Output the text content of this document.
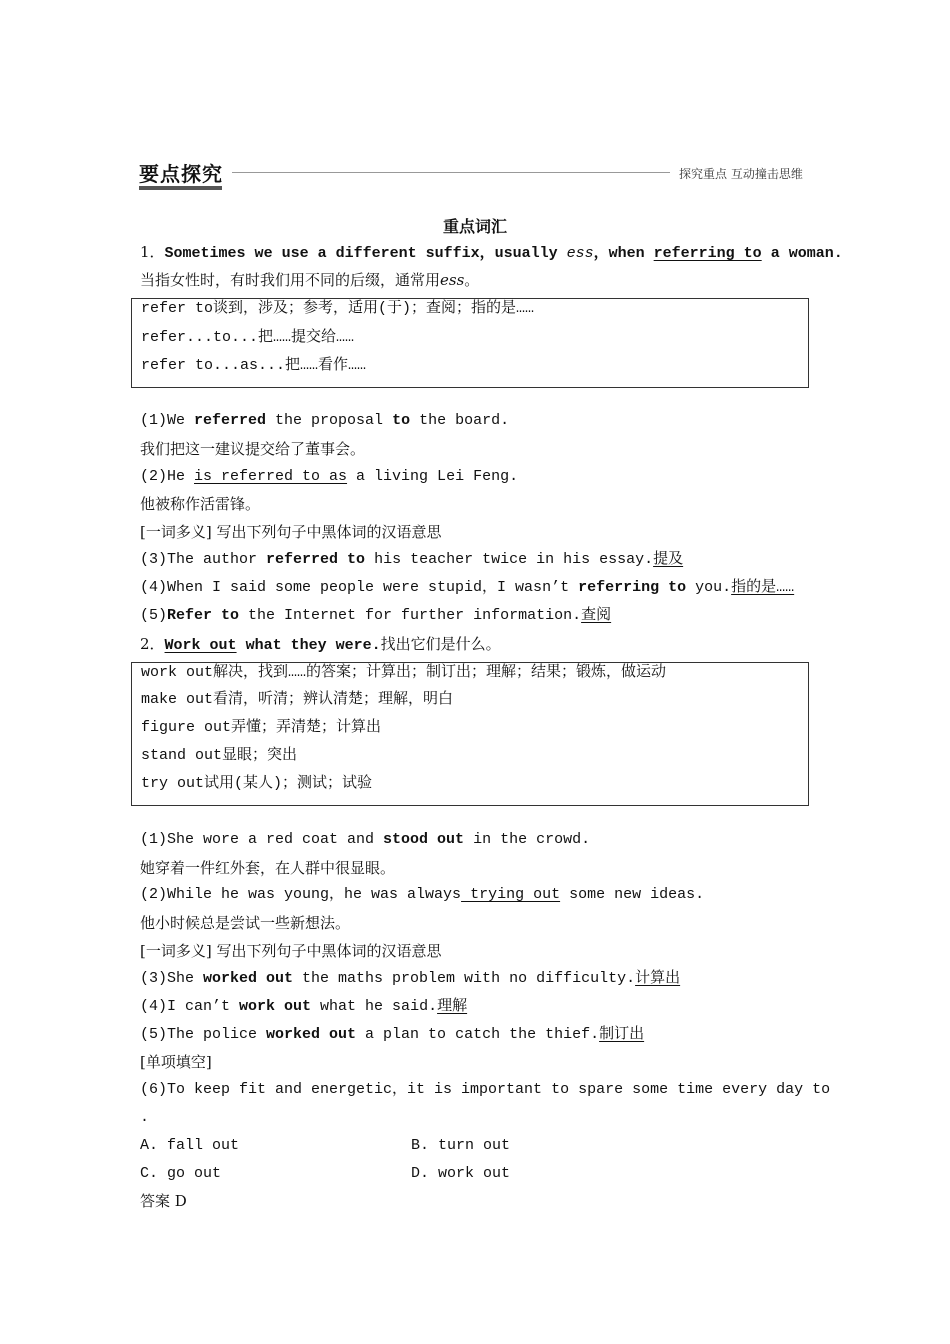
要点探究	探究重点 互动撞击思维
重点词汇
1．Sometimes we use a different suffix，usually ess，when referring to a woman.
当指女性时，有时我们用不同的后缀，通常用ess。
refer to谈到，涉及；参考，适用(于)；查阅；指的是……
refer...to...把……提交给……
refer to...as...把……看作……
(1)We referred the proposal to the board.
我们把这一建议提交给了董事会。
(2)He is referred to as a living Lei Feng.
他被称作活雷锋。
[一词多义] 写出下列句子中黑体词的汉语意思
(3)The author referred to his teacher twice in his essay.提及
(4)When I said some people were stupid，I wasn’t referring to you.指的是……
(5)Refer to the Internet for further information.查阅
2．Work out what they were.找出它们是什么。
work out解决，找到……的答案；计算出；制订出；理解；结果；锻炼，做运动
make out看清，听清；辨认清楚；理解，明白
figure out弄懂；弄清楚；计算出
stand out显眼；突出
try out试用(某人)；测试；试验
(1)She wore a red coat and stood out in the crowd.
她穿着一件红外套，在人群中很显眼。
(2)While he was young，he was always trying out some new ideas.
他小时候总是尝试一些新想法。
[一词多义] 写出下列句子中黑体词的汉语意思
(3)She worked out the maths problem with no difficulty.计算出
(4)I can’t work out what he said.理解
(5)The police worked out a plan to catch the thief.制订出
[单项填空]
(6)To keep fit and energetic，it is important to spare some time every day to
.
A. fall out	B. turn out
C. go out	D. work out
答案 D
